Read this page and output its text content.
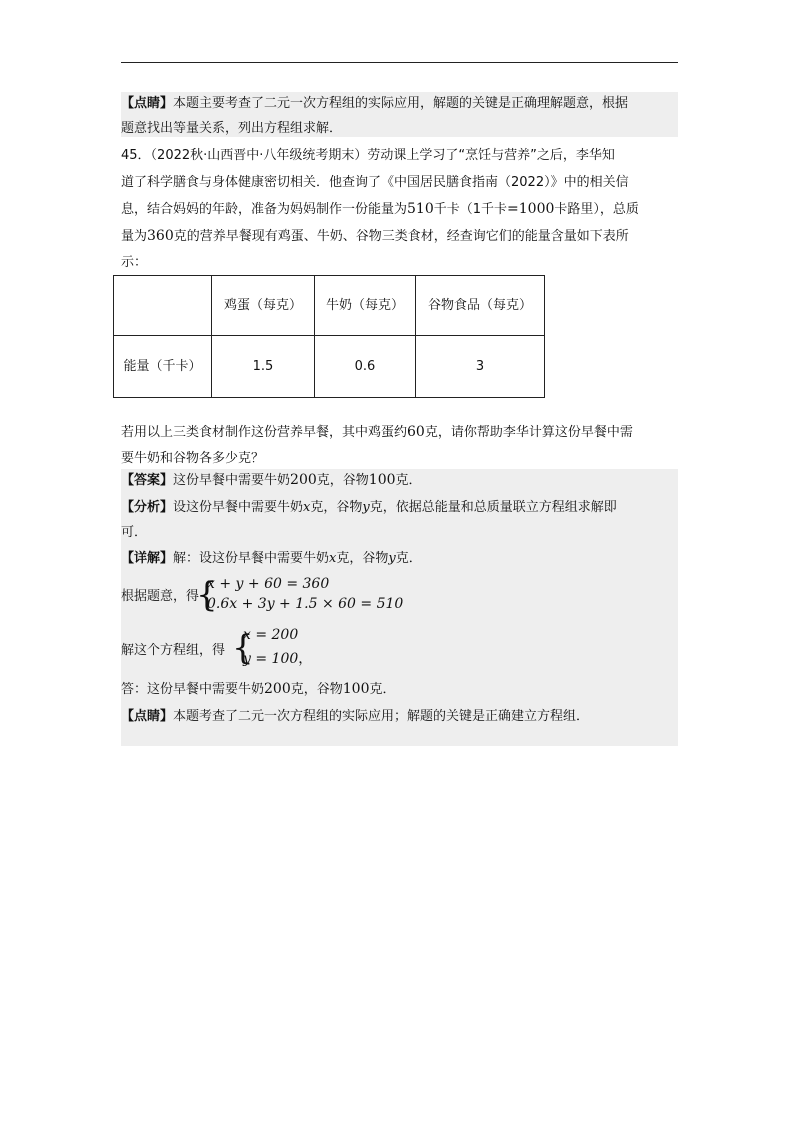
【点睛】本题主要考查了二元一次方程组的实际应用，解题的关键是正确理解题意，根据
题意找出等量关系，列出方程组求解．
45．（2022秋·山西晋中·八年级统考期末）劳动课上学习了“烹饪与营养”之后，李华知
道了科学膳食与身体健康密切相关．他查询了《中国居民膳食指南（2022）》中的相关信
息，结合妈妈的年龄，准备为妈妈制作一份能量为510千卡（1千卡=1000卡路里），总质
量为360克的营养早餐现有鸡蛋、牛奶、谷物三类食材，经查询它们的能量含量如下表所
示：
	鸡蛋（每克）	牛奶（每克）	谷物食品（每克）
能量（千卡）	1.5	0.6	3
若用以上三类食材制作这份营养早餐，其中鸡蛋约60克，请你帮助李华计算这份早餐中需
要牛奶和谷物各多少克？
【答案】这份早餐中需要牛奶200克，谷物100克．
【分析】设这份早餐中需要牛奶x克，谷物y克，依据总能量和总质量联立方程组求解即
可．
【详解】解：设这份早餐中需要牛奶x克，谷物y克．
根据题意，得
{
x + y + 60 = 360
0.6x + 3y + 1.5 × 60 = 510
解这个方程组，得 {
x = 200
y = 100，
答：这份早餐中需要牛奶200克，谷物100克．
【点睛】本题考查了二元一次方程组的实际应用；解题的关键是正确建立方程组．
